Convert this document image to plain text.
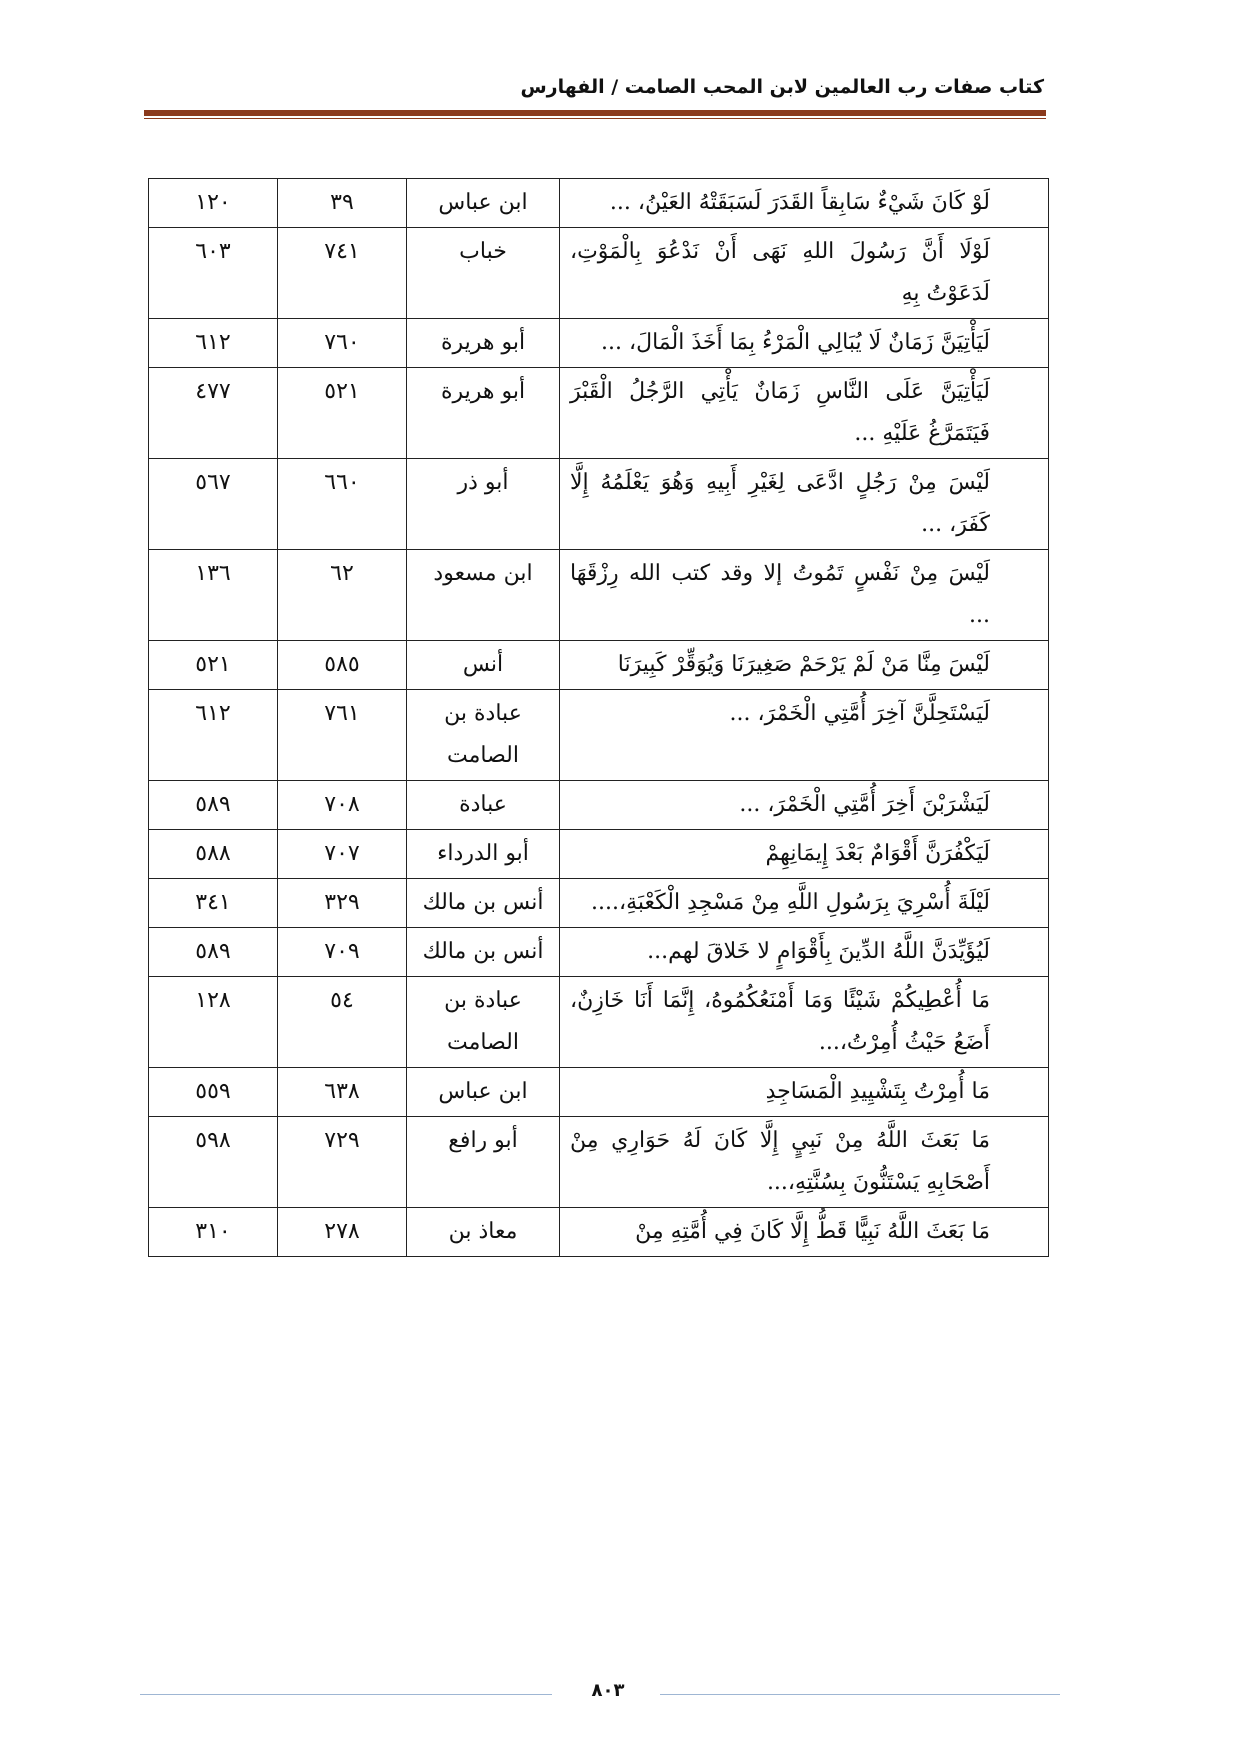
كتاب صفات رب العالمين لابن المحب الصامت / الفهارس
لَوْ كَانَ شَيْءٌ سَابِقاً القَدَرَ لَسَبَقَتْهُ العَيْنُ، ...	ابن عباس	٣٩	١٢٠

لَوْلَا أَنَّ رَسُولَ اللهِ نَهَى أَنْ نَدْعُوَ بِالْمَوْتِ، لَدَعَوْتُ بِهِ	خباب	٧٤١	٦٠٣

لَيَأْتِيَنَّ زَمَانٌ لَا يُبَالِي الْمَرْءُ بِمَا أَخَذَ الْمَالَ، ...	أبو هريرة	٧٦٠	٦١٢

لَيَأْتِيَنَّ عَلَى النَّاسِ زَمَانٌ يَأْتِي الرَّجُلُ الْقَبْرَ فَيَتَمَرَّغُ عَلَيْهِ ...	أبو هريرة	٥٢١	٤٧٧

لَيْسَ مِنْ رَجُلٍ ادَّعَى لِغَيْرِ أَبِيهِ وَهُوَ يَعْلَمُهُ إِلَّا كَفَرَ، ...	أبو ذر	٦٦٠	٥٦٧

لَيْسَ مِنْ نَفْسٍ تَمُوتُ إلا وقد كتب الله رِزْقَهَا ...	ابن مسعود	٦٢	١٣٦

لَيْسَ مِنَّا مَنْ لَمْ يَرْحَمْ صَغِيرَنَا وَيُوَقِّرْ كَبِيرَنَا	أنس	٥٨٥	٥٢١

لَيَسْتَحِلَّنَّ آخِرَ أُمَّتِي الْخَمْرَ، ...	عبادة بن الصامت	٧٦١	٦١٢

لَيَشْرَبْنَ أَخِرَ أُمَّتِي الْخَمْرَ، ...	عبادة	٧٠٨	٥٨٩

لَيَكْفُرَنَّ أَقْوَامٌ بَعْدَ إِيمَانِهِمْ	أبو الدرداء	٧٠٧	٥٨٨

لَيْلَةَ أُسْرِيَ بِرَسُولِ اللَّهِ مِنْ مَسْجِدِ الْكَعْبَةِ،....	أنس بن مالك	٣٢٩	٣٤١

لَيُؤَيِّدَنَّ اللَّهُ الدِّينَ بِأَقْوَامٍ لا خَلاقَ لهم...	أنس بن مالك	٧٠٩	٥٨٩

مَا أُعْطِيكُمْ شَيْئًا وَمَا أَمْنَعُكُمُوهُ، إِنَّمَا أَنَا خَازِنٌ، أَضَعُ حَيْثُ أُمِرْتُ،...	عبادة بن الصامت	٥٤	١٢٨

مَا أُمِرْتُ بِتَشْيِيدِ الْمَسَاجِدِ	ابن عباس	٦٣٨	٥٥٩

مَا بَعَثَ اللَّهُ مِنْ نَبِيٍ إِلَّا كَانَ لَهُ حَوَارِي مِنْ أَصْحَابِهِ يَسْتَنُّونَ بِسُنَّتِهِ،...	أبو رافع	٧٢٩	٥٩٨

مَا بَعَثَ اللَّهُ نَبِيًّا قَطُّ إِلَّا كَانَ فِي أُمَّتِهِ مِنْ	معاذ بن	٢٧٨	٣١٠
٨٠٣
